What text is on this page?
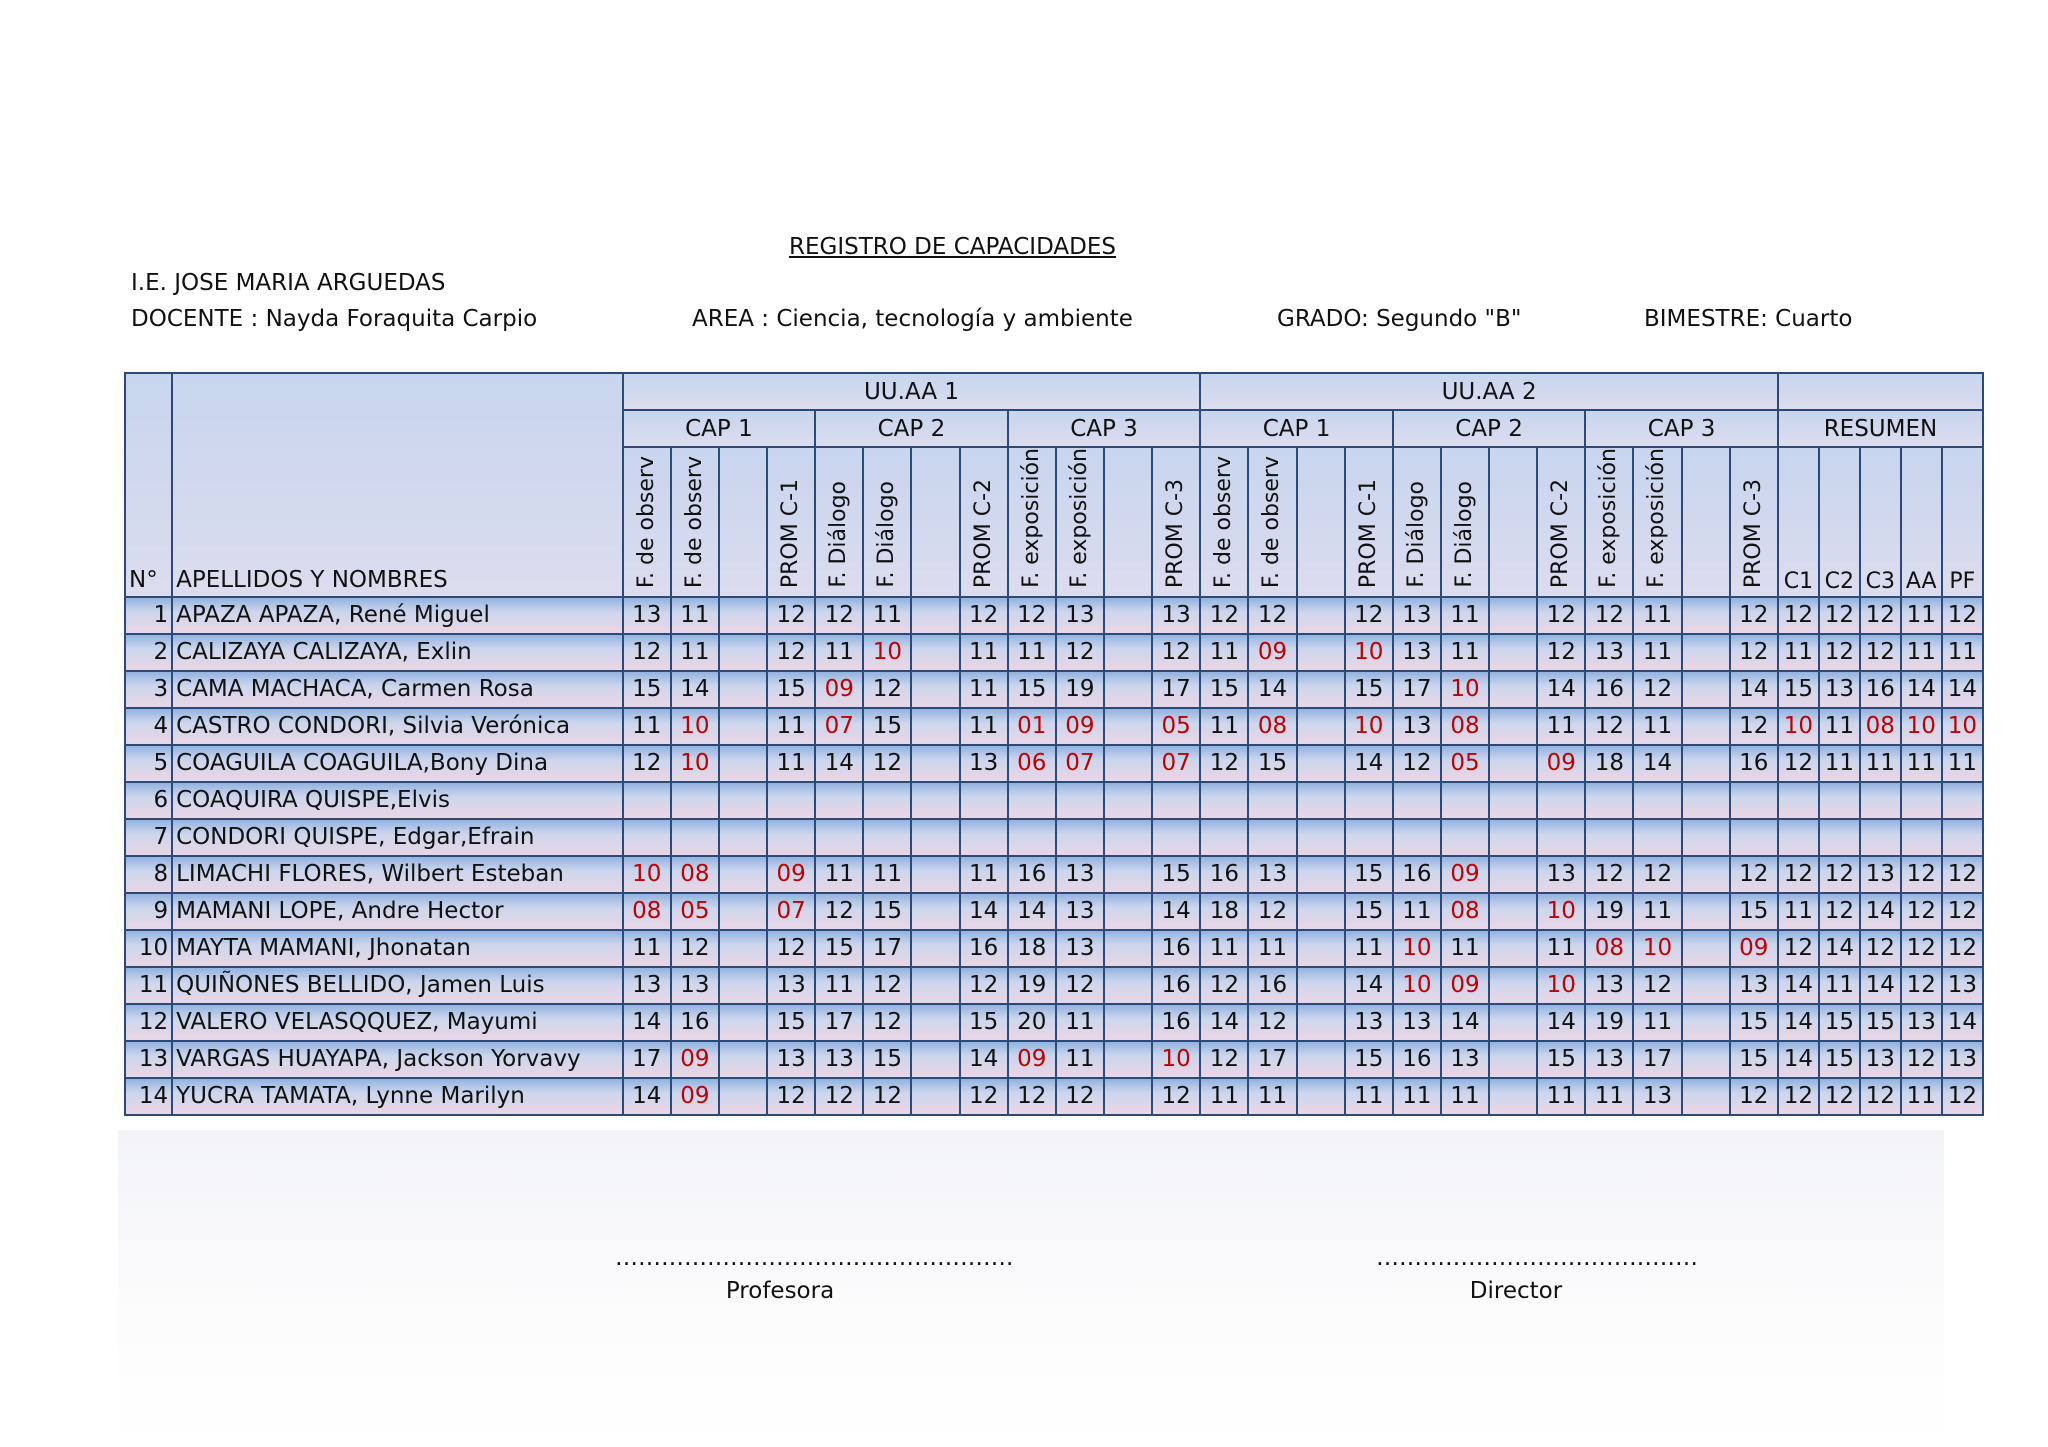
REGISTRO DE CAPACIDADES
I.E. JOSE MARIA ARGUEDAS
DOCENTE : Nayda Foraquita Carpio	AREA : Ciencia, tecnología y ambiente	GRADO: Segundo "B"	BIMESTRE: Cuarto
N°	APELLIDOS Y NOMBRES	UU.AA 1												UU.AA 2																
		CAP 1				CAP 2				CAP 3				CAP 1				CAP 2				CAP 3				RESUMEN				
		F. de observ	F. de observ		PROM C-1	F. Diálogo	F. Diálogo		PROM C-2	F. exposición	F. exposición		PROM C-3	F. de observ	F. de observ		PROM C-1	F. Diálogo	F. Diálogo		PROM C-2	F. exposición	F. exposición		PROM C-3	C1	C2	C3	AA	PF
1	APAZA APAZA, René Miguel	13	11		12	12	11		12	12	13		13	12	12		12	13	11		12	12	11		12	12	12	12	11	12
2	CALIZAYA CALIZAYA, Exlin	12	11		12	11	10		11	11	12		12	11	09		10	13	11		12	13	11		12	11	12	12	11	11
3	CAMA MACHACA, Carmen Rosa	15	14		15	09	12		11	15	19		17	15	14		15	17	10		14	16	12		14	15	13	16	14	14
4	CASTRO CONDORI, Silvia Verónica	11	10		11	07	15		11	01	09		05	11	08		10	13	08		11	12	11		12	10	11	08	10	10
5	COAGUILA COAGUILA,Bony Dina	12	10		11	14	12		13	06	07		07	12	15		14	12	05		09	18	14		16	12	11	11	11	11
6	COAQUIRA QUISPE,Elvis																													
7	CONDORI QUISPE, Edgar,Efrain																													
8	LIMACHI FLORES, Wilbert Esteban	10	08		09	11	11		11	16	13		15	16	13		15	16	09		13	12	12		12	12	12	13	12	12
9	MAMANI LOPE, Andre Hector	08	05		07	12	15		14	14	13		14	18	12		15	11	08		10	19	11		15	11	12	14	12	12
10	MAYTA MAMANI, Jhonatan	11	12		12	15	17		16	18	13		16	11	11		11	10	11		11	08	10		09	12	14	12	12	12
11	QUIÑONES BELLIDO, Jamen Luis	13	13		13	11	12		12	19	12		16	12	16		14	10	09		10	13	12		13	14	11	14	12	13
12	VALERO VELASQQUEZ, Mayumi	14	16		15	17	12		15	20	11		16	14	12		13	13	14		14	19	11		15	14	15	15	13	14
13	VARGAS HUAYAPA, Jackson Yorvavy	17	09		13	13	15		14	09	11		10	12	17		15	16	13		15	13	17		15	14	15	13	12	13
14	YUCRA TAMATA, Lynne Marilyn	14	09		12	12	12		12	12	12		12	11	11		11	11	11		11	11	13		12	12	12	12	11	12
…………………………………………….
Profesora
……………………………………
Director
